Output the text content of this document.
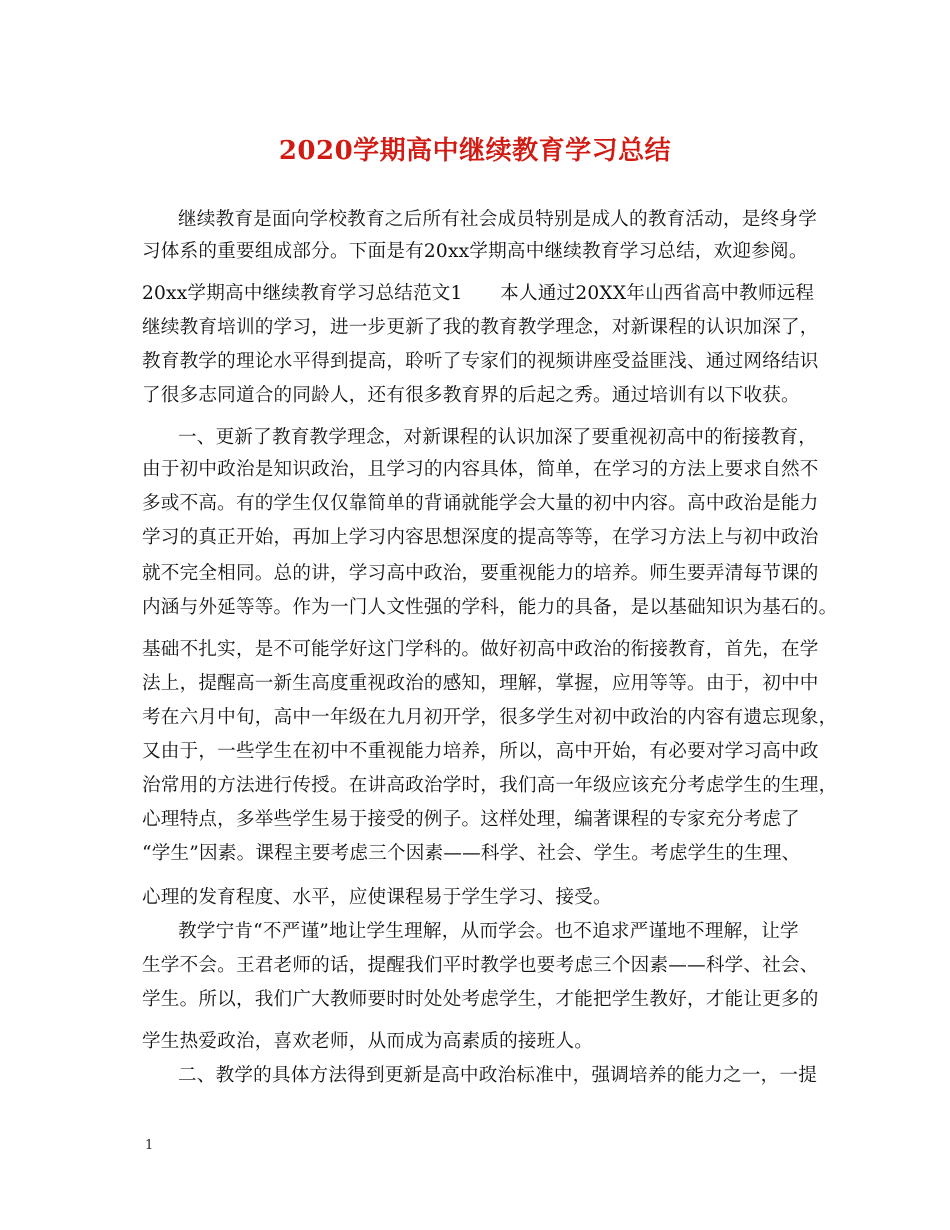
2020学期高中继续教育学习总结
继续教育是面向学校教育之后所有社会成员特别是成人的教育活动，是终身学
习体系的重要组成部分。下面是有20xx学期高中继续教育学习总结，欢迎参阅。
20xx学期高中继续教育学习总结范文1　　本人通过20XX年山西省高中教师远程
继续教育培训的学习，进一步更新了我的教育教学理念，对新课程的认识加深了，
教育教学的理论水平得到提高，聆听了专家们的视频讲座受益匪浅、通过网络结识
了很多志同道合的同龄人，还有很多教育界的后起之秀。通过培训有以下收获。
一、更新了教育教学理念，对新课程的认识加深了要重视初高中的衔接教育，
由于初中政治是知识政治，且学习的内容具体，简单，在学习的方法上要求自然不
多或不高。有的学生仅仅靠简单的背诵就能学会大量的初中内容。高中政治是能力
学习的真正开始，再加上学习内容思想深度的提高等等，在学习方法上与初中政治
就不完全相同。总的讲，学习高中政治，要重视能力的培养。师生要弄清每节课的
内涵与外延等等。作为一门人文性强的学科，能力的具备，是以基础知识为基石的。
基础不扎实，是不可能学好这门学科的。做好初高中政治的衔接教育，首先，在学
法上，提醒高一新生高度重视政治的感知，理解，掌握，应用等等。由于，初中中
考在六月中旬，高中一年级在九月初开学，很多学生对初中政治的内容有遗忘现象，
又由于，一些学生在初中不重视能力培养，所以，高中开始，有必要对学习高中政
治常用的方法进行传授。在讲高政治学时，我们高一年级应该充分考虑学生的生理，
心理特点，多举些学生易于接受的例子。这样处理，编著课程的专家充分考虑了
“学生”因素。课程主要考虑三个因素——科学、社会、学生。考虑学生的生理、
心理的发育程度、水平，应使课程易于学生学习、接受。
教学宁肯“不严谨”地让学生理解，从而学会。也不追求严谨地不理解，让学
生学不会。王君老师的话，提醒我们平时教学也要考虑三个因素——科学、社会、
学生。所以，我们广大教师要时时处处考虑学生，才能把学生教好，才能让更多的
学生热爱政治，喜欢老师，从而成为高素质的接班人。
二、教学的具体方法得到更新是高中政治标准中，强调培养的能力之一，一提
1
